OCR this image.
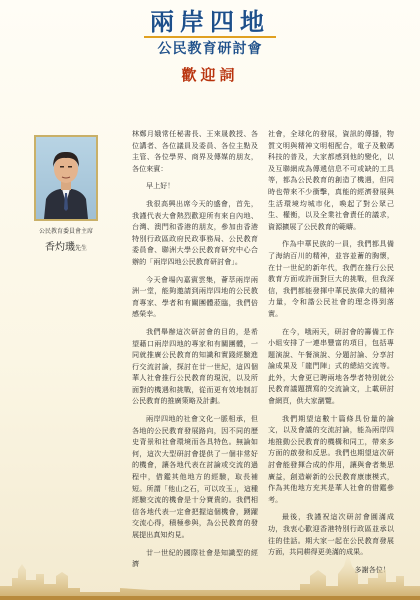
兩岸四地
公民教育研討會
歡迎詞
公民教育委員會主席
香灼璣先生

林鄭月娥常任秘書長、王來晟教授、各位講者、各位議員及委員、各位主點及主管、各位學界、商界及傳媒的朋友，各位來賓：

早上好！

我很高興出席今天的盛會，首先，我謹代表大會熱烈歡迎所有來自內地、台灣、澳門和香港的朋友，參加由香港特別行政區政府民政事務局、公民教育委員會、聯洲大學公民教育研究中心合辦的「兩岸四地公民教育研討會」。

今天會場內嘉賓雲集，薈萃兩岸兩洲一堂，能夠邀請到兩岸四地的公民教育專家、學者和有關團體蒞臨，我們倍感榮幸。

我們舉辦這次研討會的目的，是希望藉口兩岸四地的專家和有關團體，一同就推廣公民教育的知識和實踐經驗進行交流討論，探討在廿一世紀，這四個華人社會推行公民教育的現況，以及所面對的機遇和挑戰，從而更有效地制訂公民教育的推廣策略及計劃。

兩岸四地的社會文化一脈相承，但各地的公民教育發展路向，因不同的歷史背景和社會環境而各具特色。無論如何，這次大型研討會提供了一個非常好的機會，讓各地代表在討論或交流的過程中，借鑑其他地方的經驗，取長補短。所謂「他山之石，可以攻玉」，這種經驗交流的機會是十分寶貴的。我們相信各地代表一定會把握這個機會，踴躍交流心得，積極參與，為公民教育的發展提出真知灼見。

廿一世紀的國際社會是知識型的經濟

社會，全球化的發展，資訊的傳播，物質文明與精神文明相配合，電子及數碼科技的普及，大家都感到他的變化，以及互聯網成為傳遞信息不可或缺的工具等，都為公民教育的創造了機遇，但同時也帶來不少衝擊，真能的經濟發展與生活環境均城市化，喚起了對公眾己生、權衡，以及全業社會責任的議求，資源擴展了公民教育的範疇。

作為中華民族的一員，我們都具備了海納百川的精神，並容並蓄的胸懷，在廿一世紀的新年代，我們在推行公民教育方面或許面對巨大的挑戰，但我深信，我們都能發揮中華民族偉大的精神力量，令和諧公民社會的理念得到落實。

在今，哦兩天，研討會的籌備工作小組安排了一連串豐富的項目，包括專題演說、午餐演說、分題討論、分享討論成果及「龍門陣」式的總結交流等。此外，大會更已聘兩地各學者特別就公民教育議題撰寫的交流論文，上載研討會網頁，供大家瀏覽。

我們期望這數十篇條具份量的論文，以及會議的交流討論，能為兩岸四地推動公民教育的機構和同工，帶來多方面的啟發和反思。我們也期望這次研討會能發揮合成的作用，讓與會者集思廣益，創造嶄新的公民教育康康模式，作為其他地方充其是華人社會的借鑑參考。

最後，我謹祝這次研討會圓滿成功，我衷心歡迎香港特別行政區並承以往的佳話。期大家一起在公民教育發展方面，共同耕得更美滿的成果。

多謝各位！
